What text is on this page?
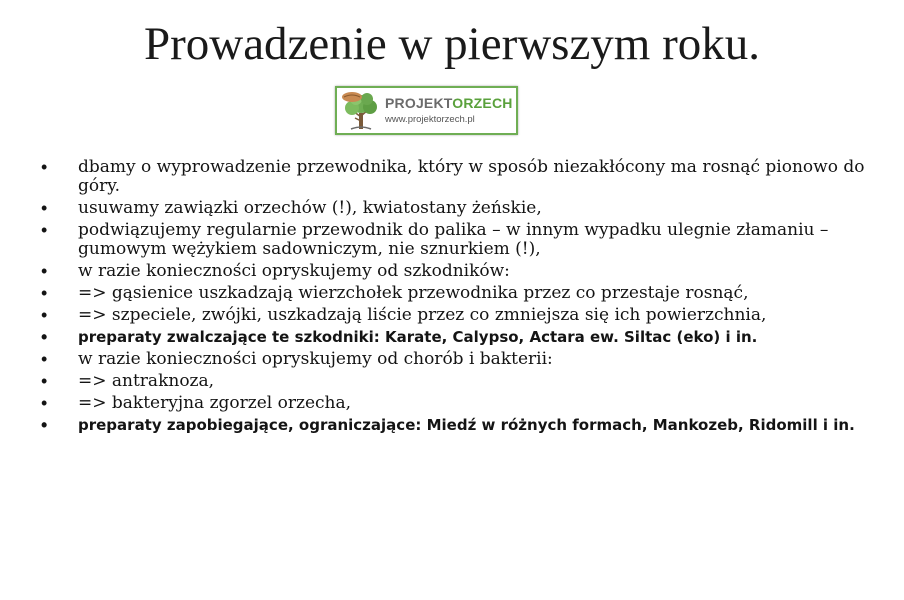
Prowadzenie w pierwszym roku.
PROJEKTORZECH
www.projektorzech.pl
• dbamy o wyprowadzenie przewodnika, który w sposób niezakłócony ma rosnąć pionowo do góry.
• usuwamy zawiązki orzechów (!), kwiatostany żeńskie,
• podwiązujemy regularnie przewodnik do palika – w innym wypadku ulegnie złamaniu – gumowym wężykiem sadowniczym, nie sznurkiem (!),
• w razie konieczności opryskujemy od szkodników:
• => gąsienice uszkadzają wierzchołek przewodnika przez co przestaje rosnąć,
• => szpeciele, zwójki, uszkadzają liście przez co zmniejsza się ich powierzchnia,
• preparaty zwalczające te szkodniki: Karate, Calypso, Actara ew. Siltac (eko) i in.
• w razie konieczności opryskujemy od chorób i bakterii:
• => antraknoza,
• => bakteryjna zgorzel orzecha,
• preparaty zapobiegające, ograniczające: Miedź w różnych formach, Mankozeb, Ridomill i in.
